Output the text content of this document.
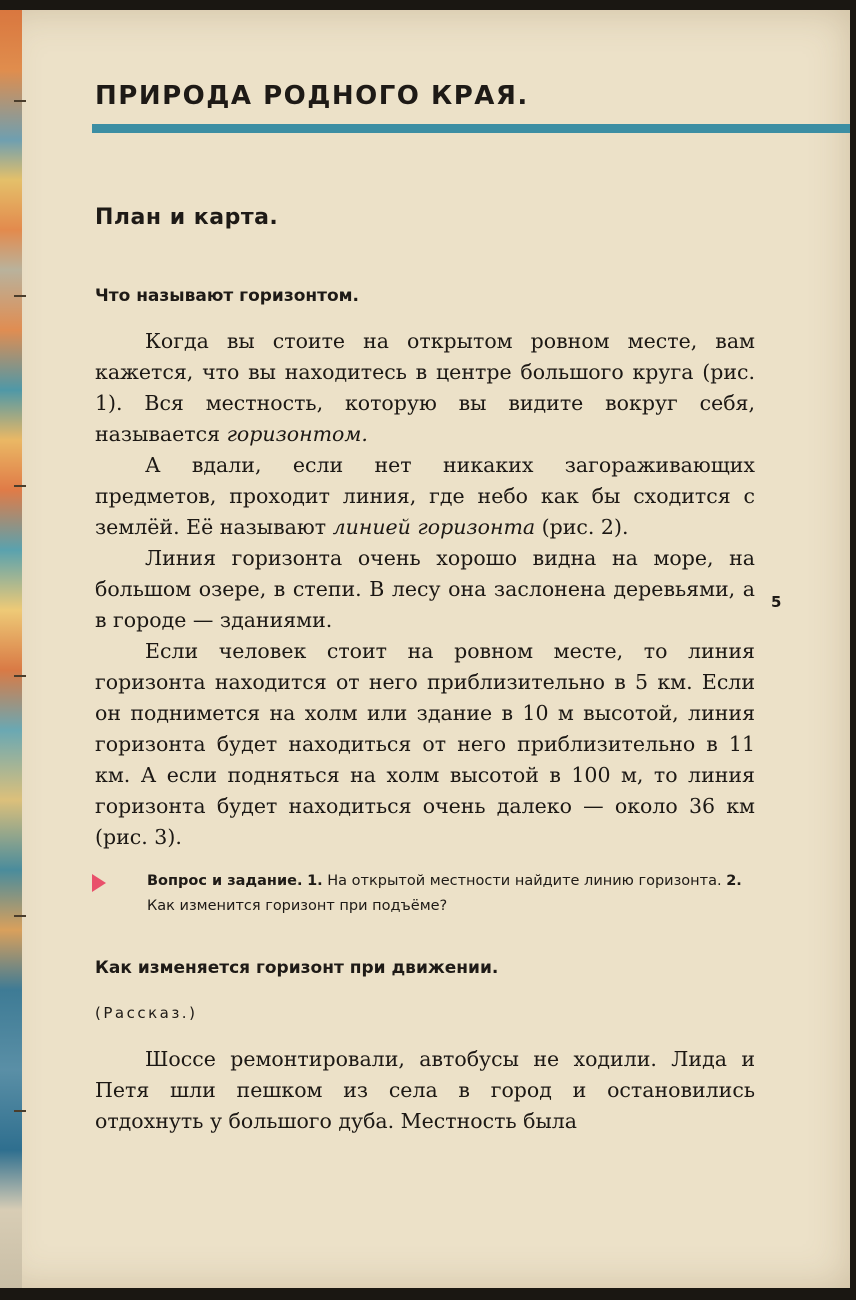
ПРИРОДА РОДНОГО КРАЯ.
План и карта.
Что называют горизонтом.

Когда вы стоите на открытом ровном месте, вам кажется, что вы находитесь в центре большого круга (рис. 1). Вся местность, которую вы видите вокруг себя, называется горизонтом.

А вдали, если нет никаких загораживающих предметов, проходит линия, где небо как бы сходится с землёй. Её называют линией горизонта (рис. 2).

Линия горизонта очень хорошо видна на море, на большом озере, в степи. В лесу она заслонена деревьями, а в городе — зданиями.

Если человек стоит на ровном месте, то линия горизонта находится от него приблизительно в 5 км. Если он поднимется на холм или здание в 10 м высотой, линия горизонта будет находиться от него приблизительно в 11 км. А если подняться на холм высотой в 100 м, то линия горизонта будет находиться очень далеко — около 36 км (рис. 3).

5
Вопрос и задание. 1. На открытой местности найдите линию горизонта. 2. Как изменится горизонт при подъёме?
Как изменяется горизонт при движении.
(Рассказ.)

Шоссе ремонтировали, автобусы не ходили. Лида и Петя шли пешком из села в город и остановились отдохнуть у большого дуба. Местность была
